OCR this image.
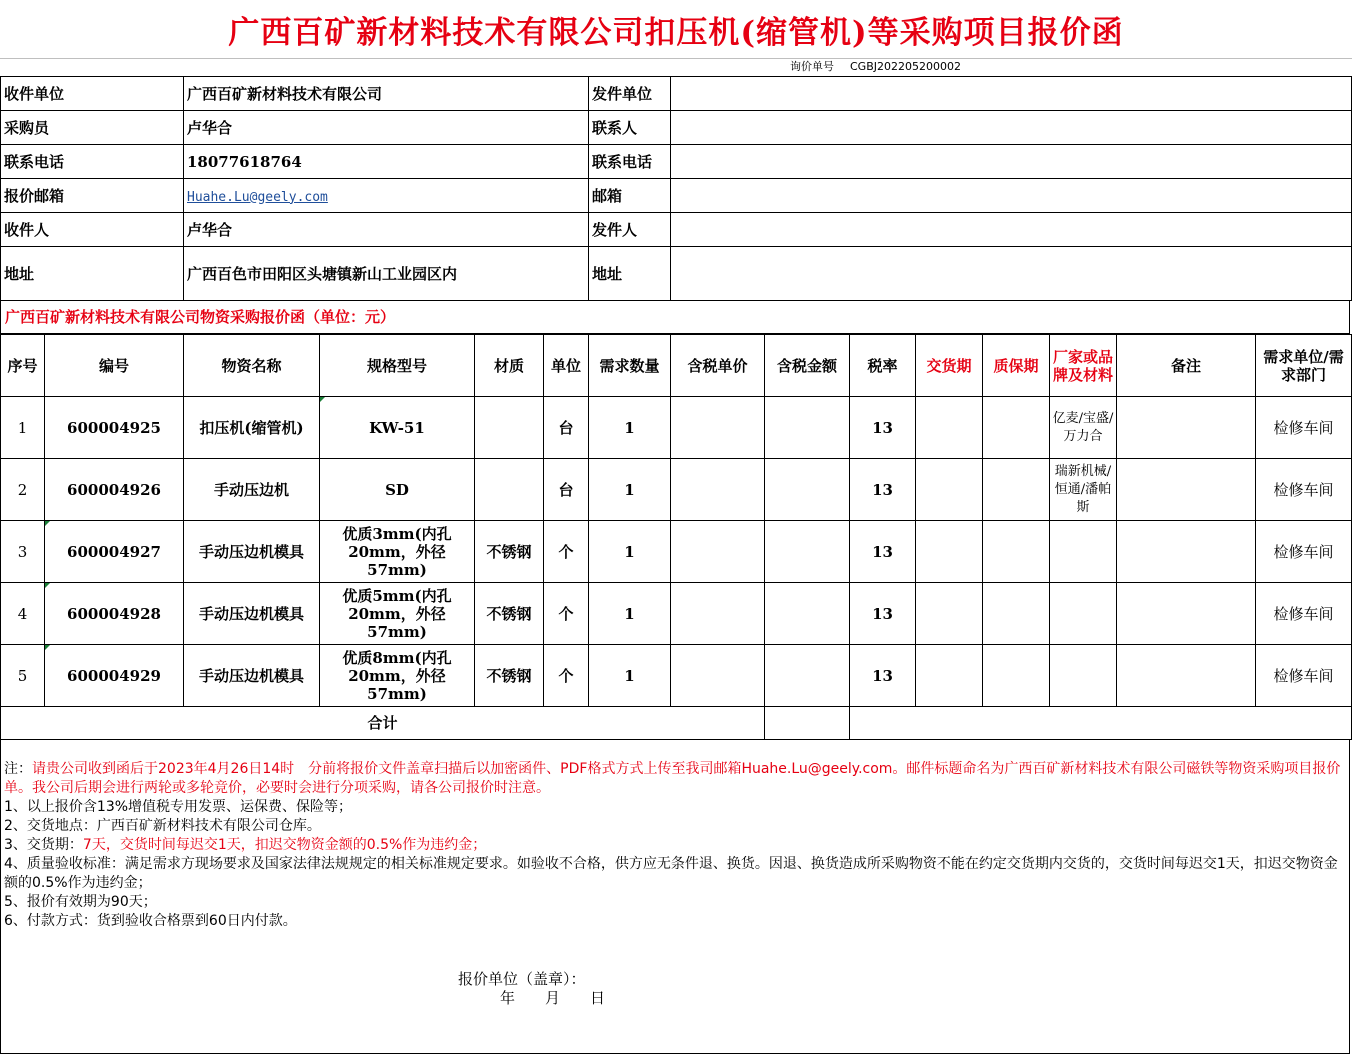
广西百矿新材料技术有限公司扣压机(缩管机)等采购项目报价函
询价单号	CGBJ202205200002
收件单位	广西百矿新材料技术有限公司	发件单位	
采购员	卢华合	联系人	
联系电话	18077618764	联系电话	
报价邮箱	Huahe.Lu@geely.com	邮箱	
收件人	卢华合	发件人	
地址	广西百色市田阳区头塘镇新山工业园区内	地址	
广西百矿新材料技术有限公司物资采购报价函（单位：元）
序号	编号	物资名称	规格型号	材质	单位	需求数量	含税单价	含税金额	税率	交货期	质保期	厂家或品牌及材料	备注	需求单位/需求部门
1	600004925	扣压机(缩管机)	KW-51		台	1			13			亿麦/宝盛/万力合		检修车间
2	600004926	手动压边机	SD		台	1			13			瑞新机械/恒通/潘帕斯		检修车间
3	600004927	手动压边机模具	优质3mm(内孔20mm，外径57mm)	不锈钢	个	1			13					检修车间
4	600004928	手动压边机模具	优质5mm(内孔20mm，外径57mm)	不锈钢	个	1			13					检修车间
5	600004929	手动压边机模具	优质8mm(内孔20mm，外径57mm)	不锈钢	个	1			13					检修车间
合计														

注：请贵公司收到函后于2023年4月26日14时　分前将报价文件盖章扫描后以加密函件、PDF格式方式上传至我司邮箱Huahe.Lu@geely.com。邮件标题命名为广西百矿新材料技术有限公司磁铁等物资采购项目报价单。我公司后期会进行两轮或多轮竞价，必要时会进行分项采购，请各公司报价时注意。

1、以上报价含13%增值税专用发票、运保费、保险等；

2、交货地点：广西百矿新材料技术有限公司仓库。

3、交货期：7天，交货时间每迟交1天，扣迟交物资金额的0.5%作为违约金；

4、质量验收标准：满足需求方现场要求及国家法律法规规定的相关标准规定要求。如验收不合格，供方应无条件退、换货。因退、换货造成所采购物资不能在约定交货期内交货的，交货时间每迟交1天，扣迟交物资金额的0.5%作为违约金；

5、报价有效期为90天；

6、付款方式：货到验收合格票到60日内付款。

报价单位（盖章）：
年　　月　　日
